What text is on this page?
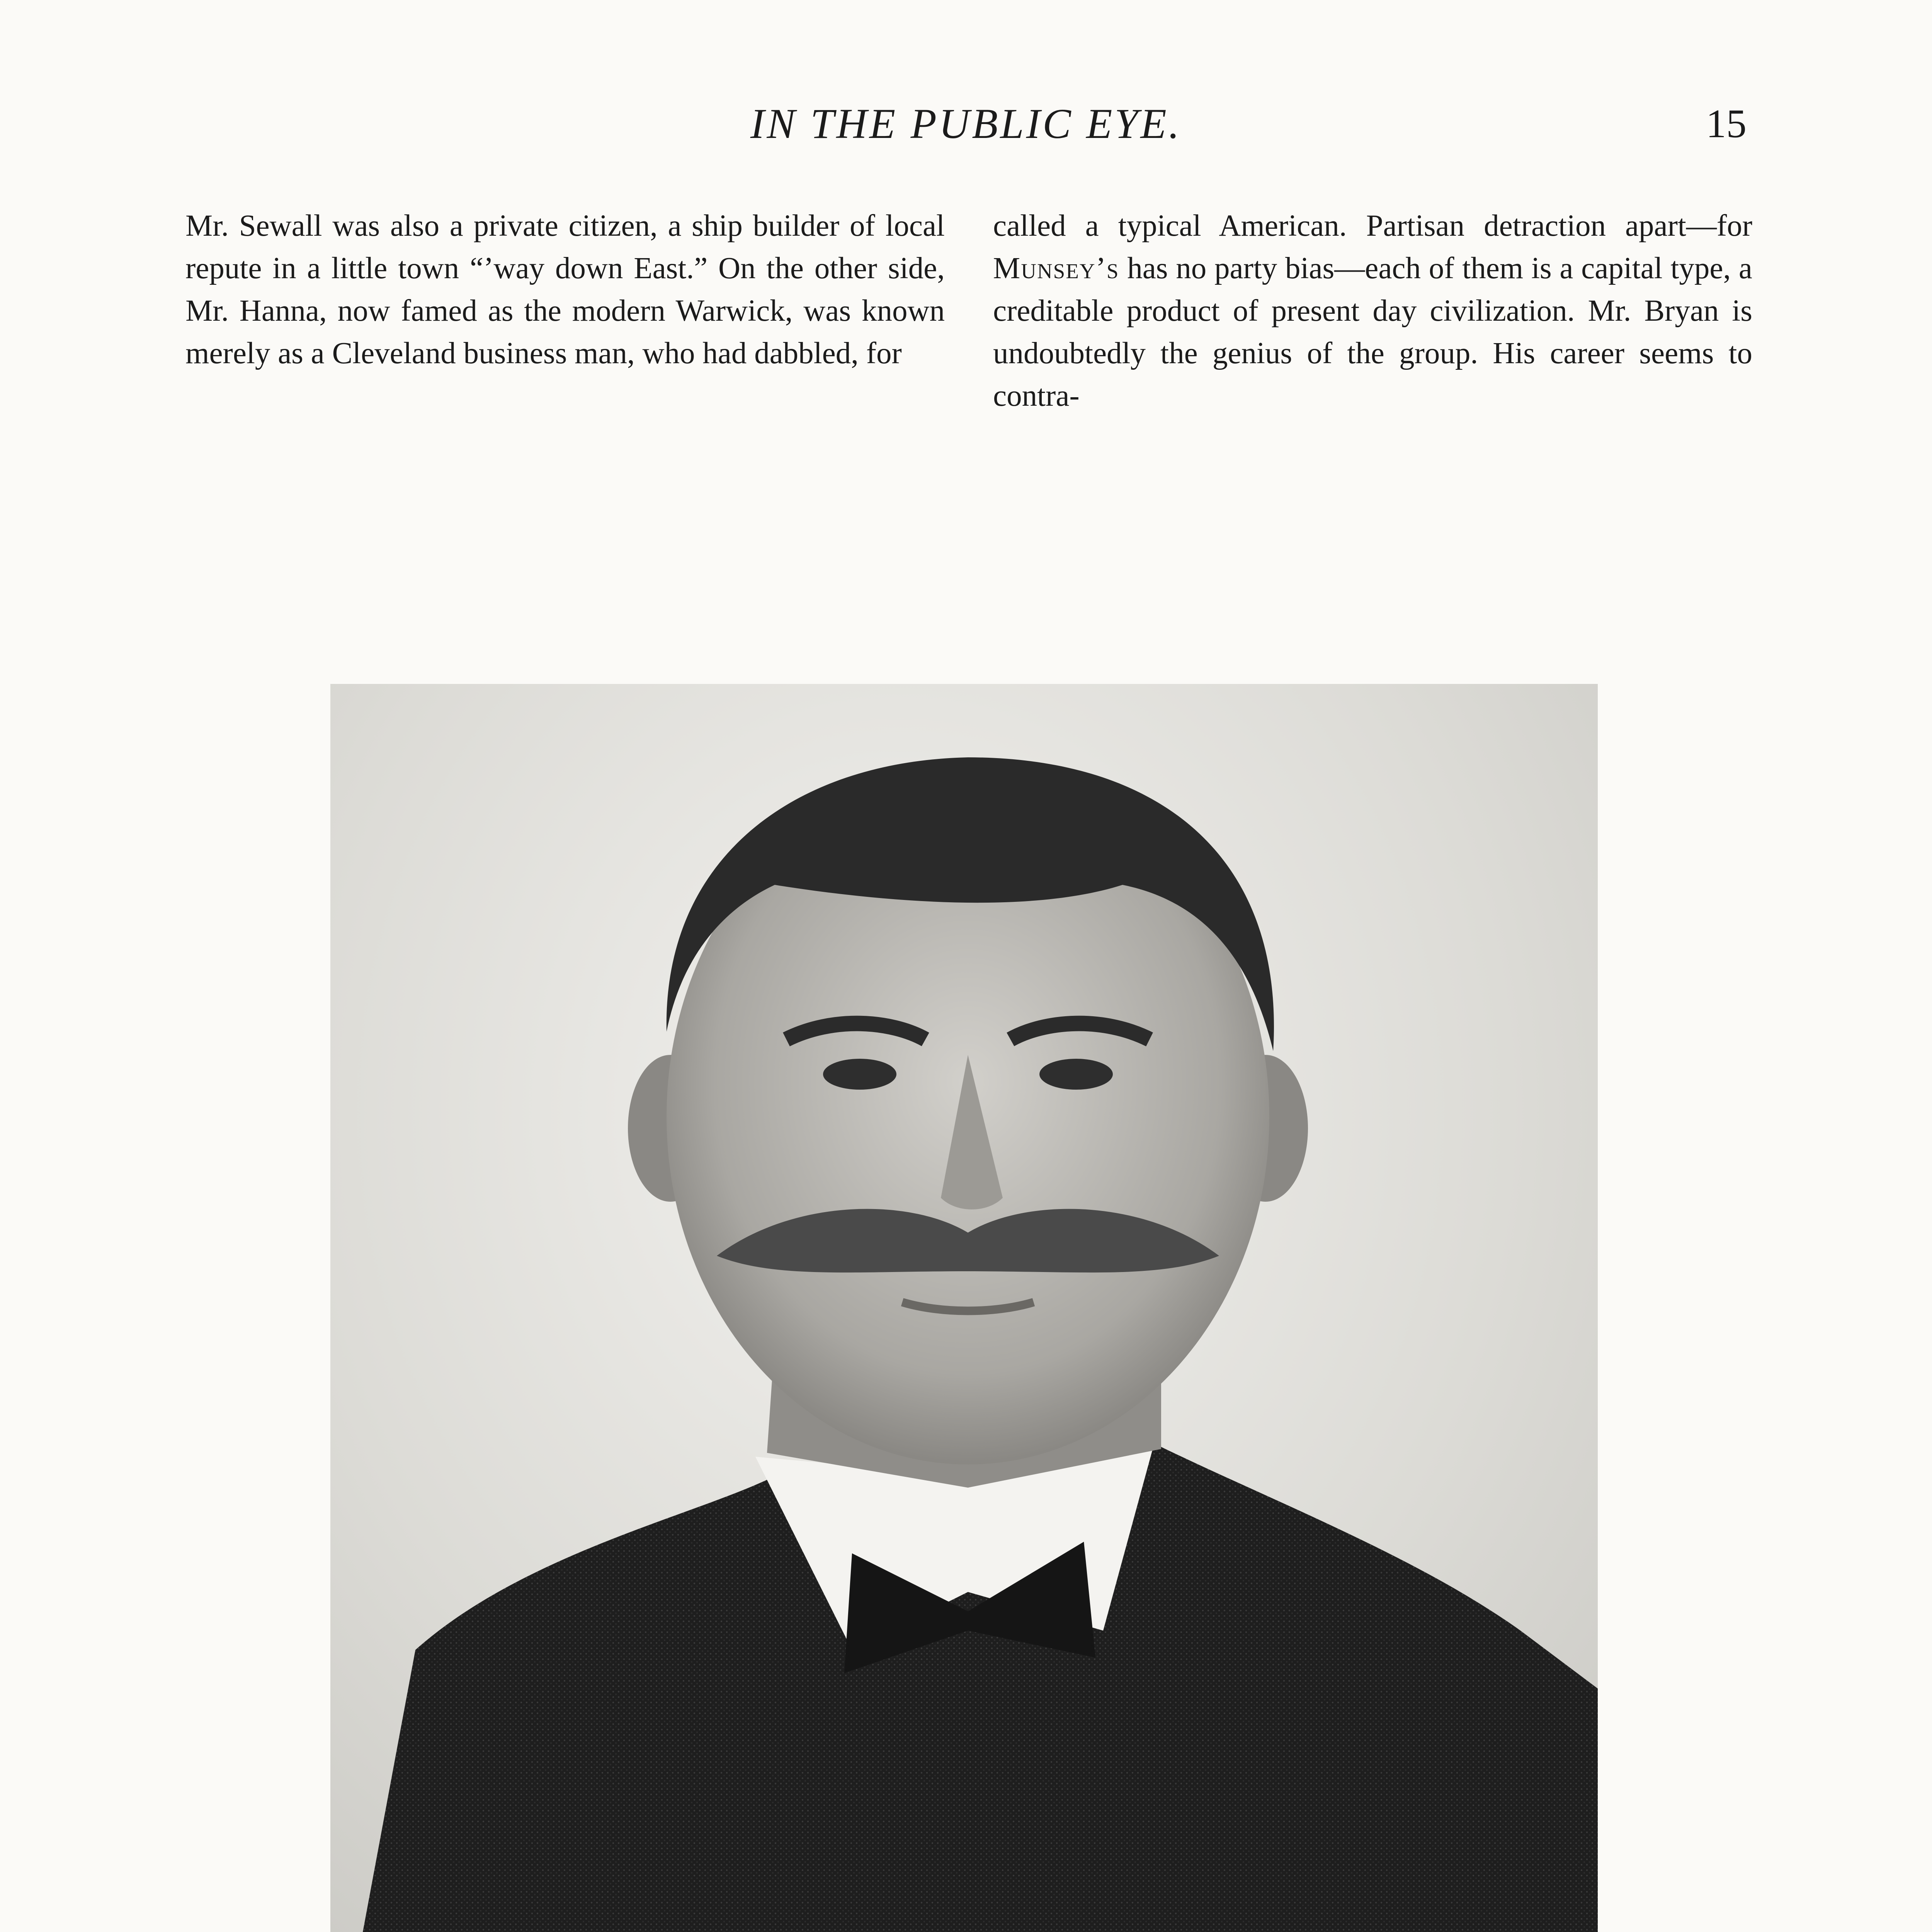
IN THE PUBLIC EYE.	15

Mr. Sewall was also a private citizen, a ship builder of local repute in a little town “’way down East.” On the other side, Mr. Hanna, now famed as the modern Warwick, was known merely as a Cleveland business man, who had dabbled, for

called a typical American. Partisan detraction apart—for Munsey’s has no party bias—each of them is a capital type, a creditable product of present day civilization. Mr. Bryan is undoubtedly the genius of the group. His career seems to contra-
